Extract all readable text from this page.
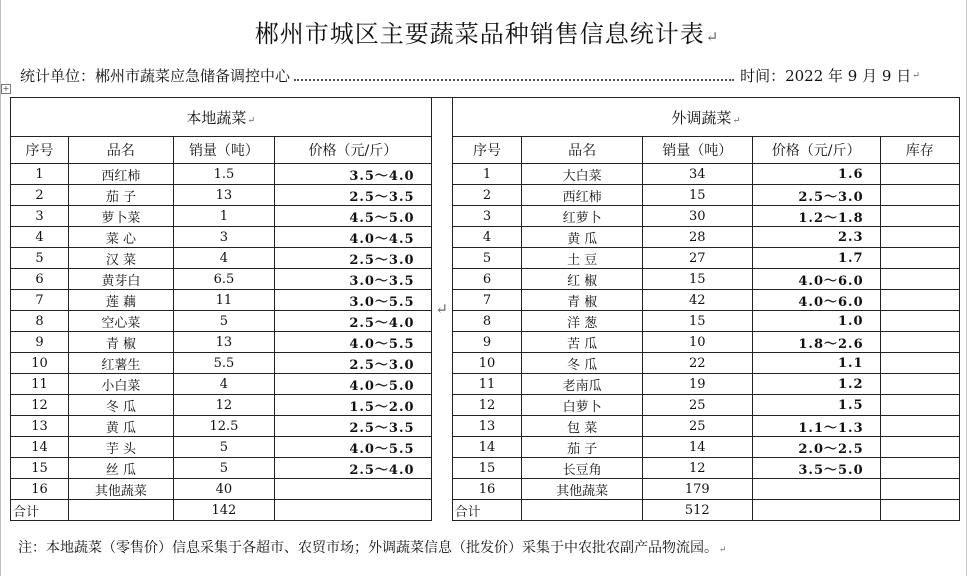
+
郴州市城区主要蔬菜品种销售信息统计表↵
统计单位：郴州市蔬菜应急储备调控中心	时间：2022 年 9 月 9 日 ↵
本地蔬菜↵				↵	外调蔬菜↵				
序号	品名	销量（吨）	价格（元/斤）		序号	品名	销量（吨）	价格（元/斤）	库存
1	西红柿	1.5	3.5～4.0		1	大白菜	34	1.6	
2	茄 子	13	2.5～3.5		2	西红柿	15	2.5～3.0	
3	萝卜菜	1	4.5～5.0		3	红萝卜	30	1.2～1.8	
4	菜 心	3	4.0～4.5		4	黄 瓜	28	2.3	
5	汉 菜	4	2.5～3.0		5	土 豆	27	1.7	
6	黄芽白	6.5	3.0～3.5		6	红 椒	15	4.0～6.0	
7	莲 藕	11	3.0～5.5		7	青 椒	42	4.0～6.0	
8	空心菜	5	2.5～4.0		8	洋 葱	15	1.0	
9	青 椒	13	4.0～5.5		9	苦 瓜	10	1.8～2.6	
10	红薯生	5.5	2.5～3.0		10	冬 瓜	22	1.1	
11	小白菜	4	4.0～5.0		11	老南瓜	19	1.2	
12	冬 瓜	12	1.5～2.0		12	白萝卜	25	1.5	
13	黄 瓜	12.5	2.5～3.5		13	包 菜	25	1.1～1.3	
14	芋 头	5	4.0～5.5		14	茄 子	14	2.0～2.5	
15	丝 瓜	5	2.5～4.0		15	长豆角	12	3.5～5.0	
16	其他蔬菜	40			16	其他蔬菜	179		
合计		142			合计		512		
注：本地蔬菜（零售价）信息采集于各超市、农贸市场；外调蔬菜信息（批发价）采集于中农批农副产品物流园。↵
